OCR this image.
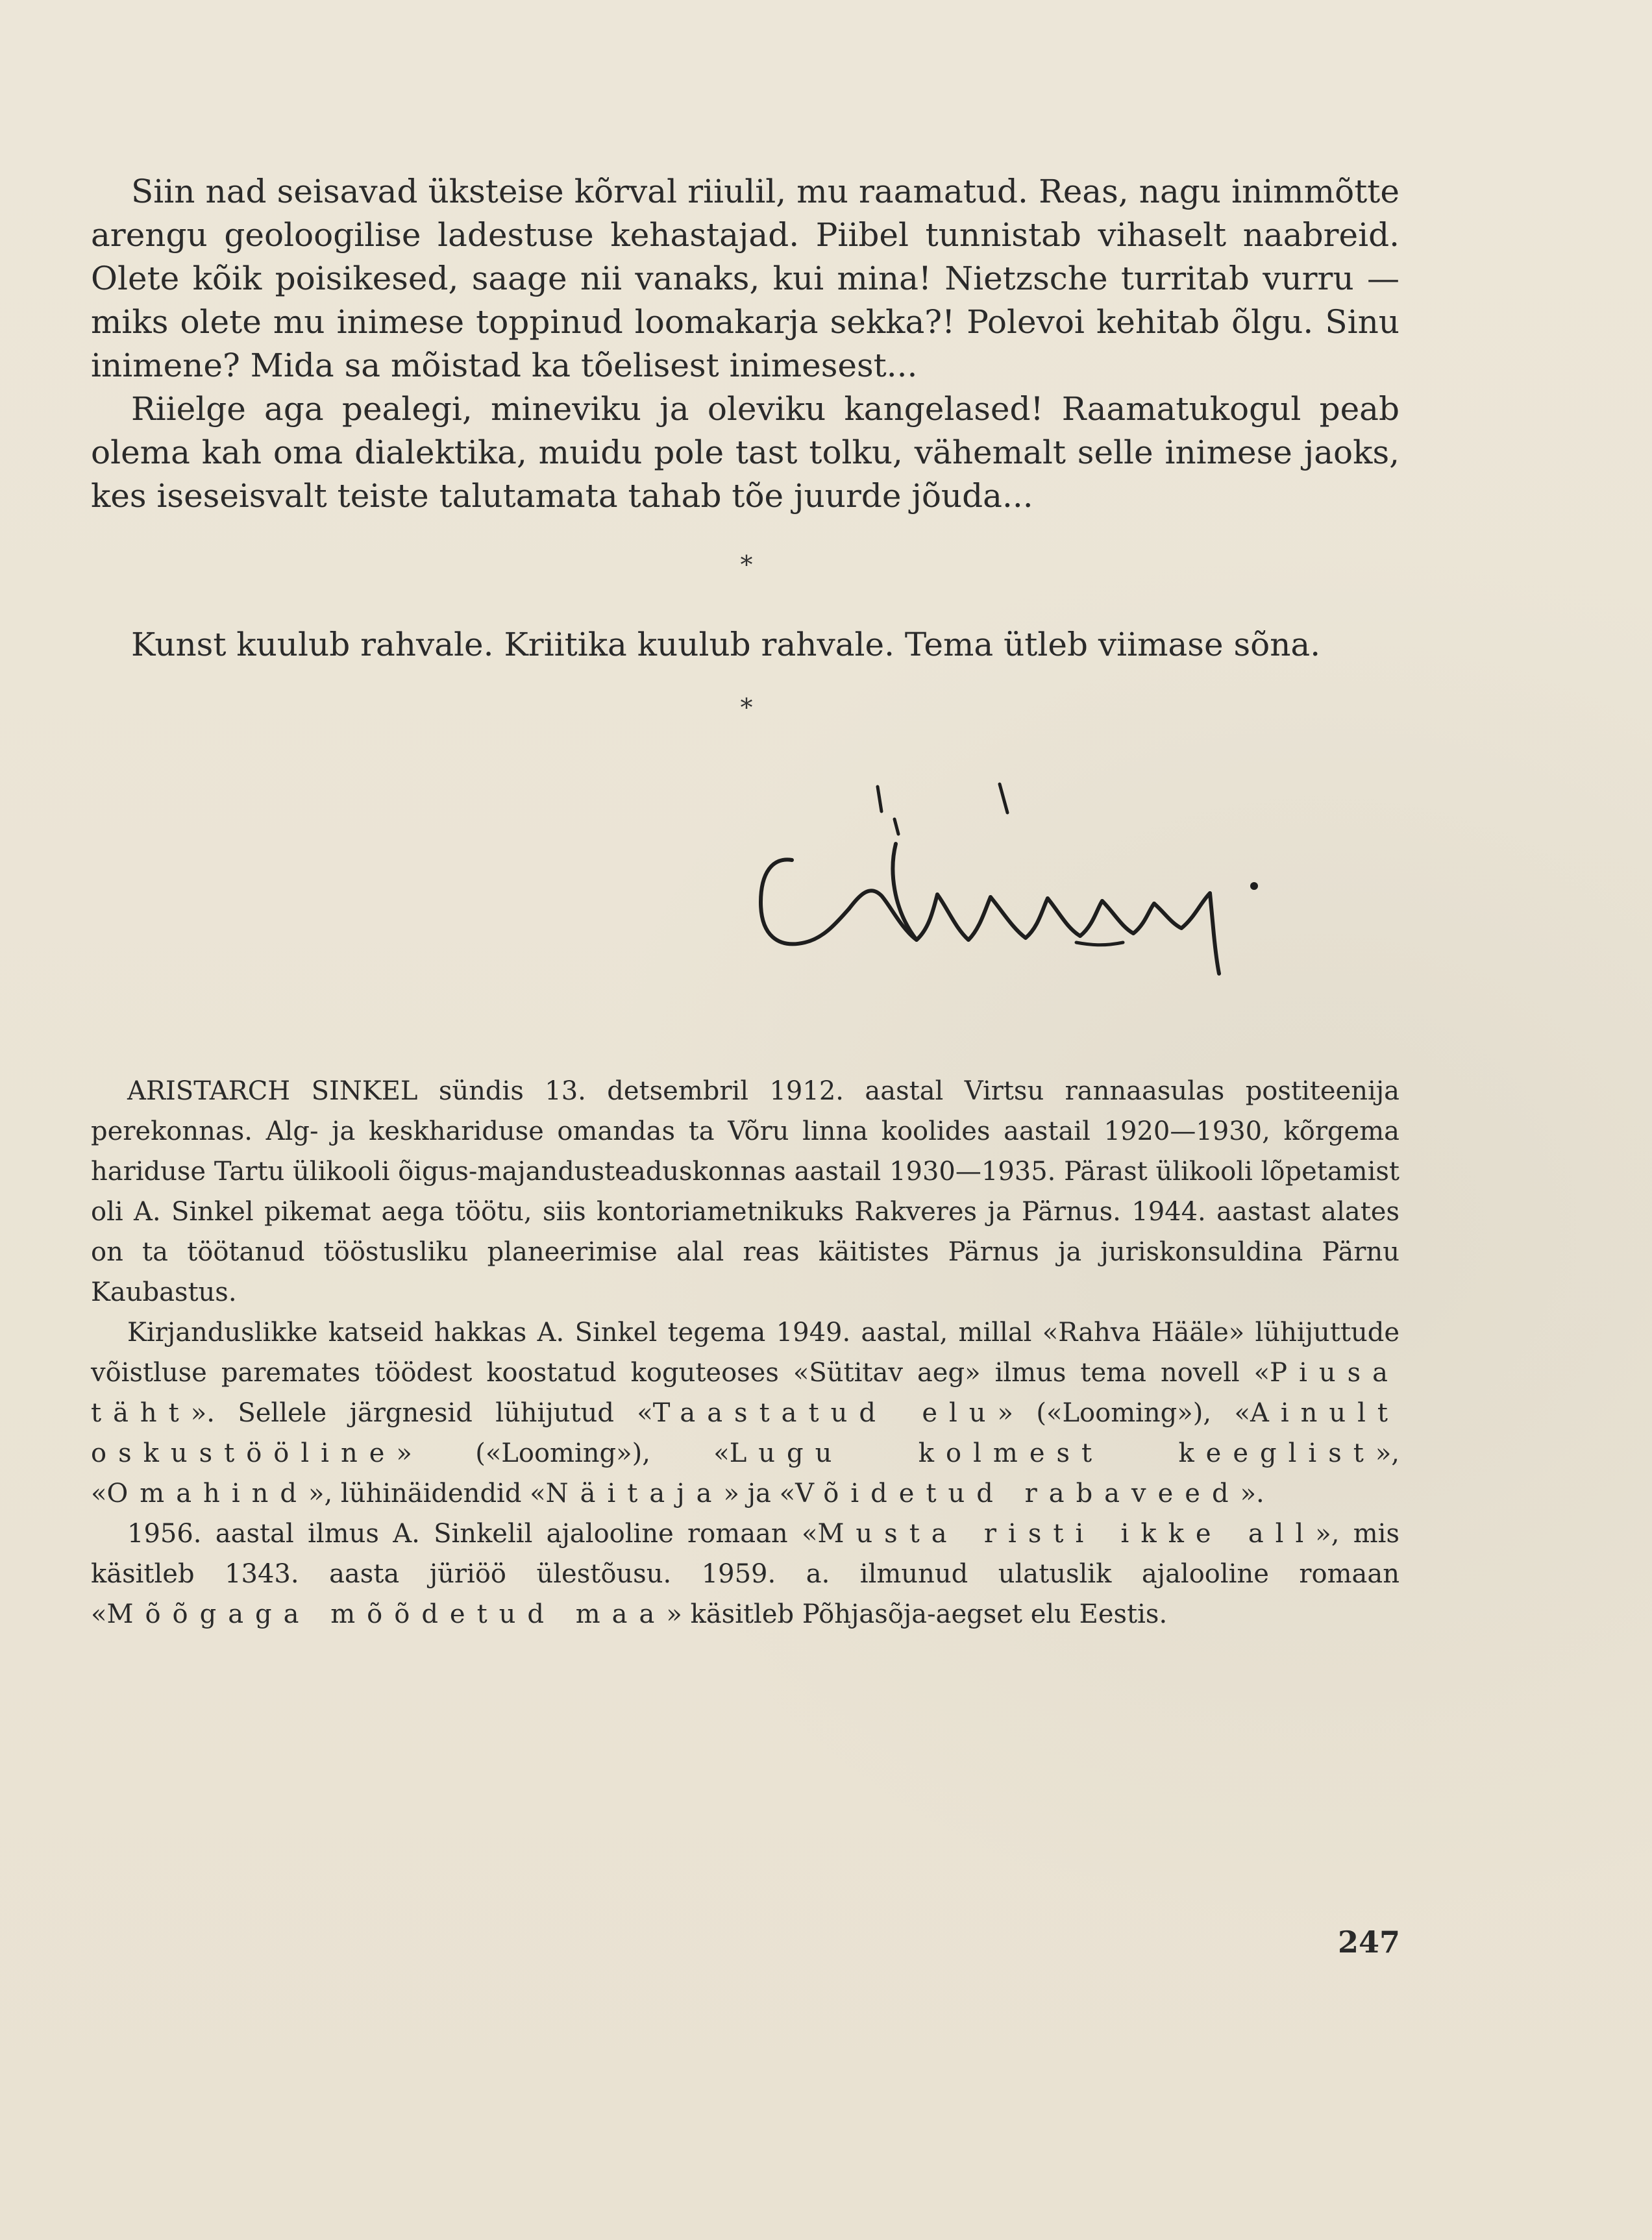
Siin nad seisavad üksteise kõrval riiulil, mu raamatud. Reas, nagu inimmõtte arengu geoloogilise ladestuse kehastajad. Piibel tunnistab vihaselt naabreid. Olete kõik poisikesed, saage nii vanaks, kui mina! Nietzsche turritab vurru — miks olete mu inimese toppinud loomakarja sekka?! Polevoi kehitab õlgu. Sinu inimene? Mida sa mõistad ka tõelisest inimesest...

Riielge aga pealegi, mineviku ja oleviku kangelased! Raamatukogul peab olema kah oma dialektika, muidu pole tast tolku, vähemalt selle inimese jaoks, kes iseseisvalt teiste talutamata tahab tõe juurde jõuda...

*

Kunst kuulub rahvale. Kriitika kuulub rahvale. Tema ütleb viimase sõna.

*

ARISTARCH SINKEL sündis 13. detsembril 1912. aastal Virtsu rannaasulas postiteenija perekonnas. Alg- ja keskhariduse omandas ta Võru linna koolides aastail 1920—1930, kõrgema hariduse Tartu ülikooli õigus-majandusteaduskonnas aastail 1930—1935. Pärast ülikooli lõpetamist oli A. Sinkel pikemat aega töötu, siis kontoriametnikuks Rakveres ja Pärnus. 1944. aastast alates on ta töötanud tööstusliku planeerimise alal reas käitistes Pärnus ja juriskonsuldina Pärnu Kaubastus.

Kirjanduslikke katseid hakkas A. Sinkel tegema 1949. aastal, millal «Rahva Hääle» lühijuttude võistluse paremates töödest koostatud koguteoses «Sütitav aeg» ilmus tema novell «Piusa täht». Sellele järgnesid lühijutud «Taastatud elu» («Looming»), «Ainult oskustööline» («Looming»), «Lugu kolmest keeglist», «Omahind», lühinäidendid «Näitaja» ja «Võidetud rabaveed».

1956. aastal ilmus A. Sinkelil ajalooline romaan «Musta risti ikke all», mis käsitleb 1343. aasta jüriöö ülestõusu. 1959. a. ilmunud ulatuslik ajalooline romaan «Mõõgaga mõõdetud maa» käsitleb Põhjasõja-aegset elu Eestis.

247
